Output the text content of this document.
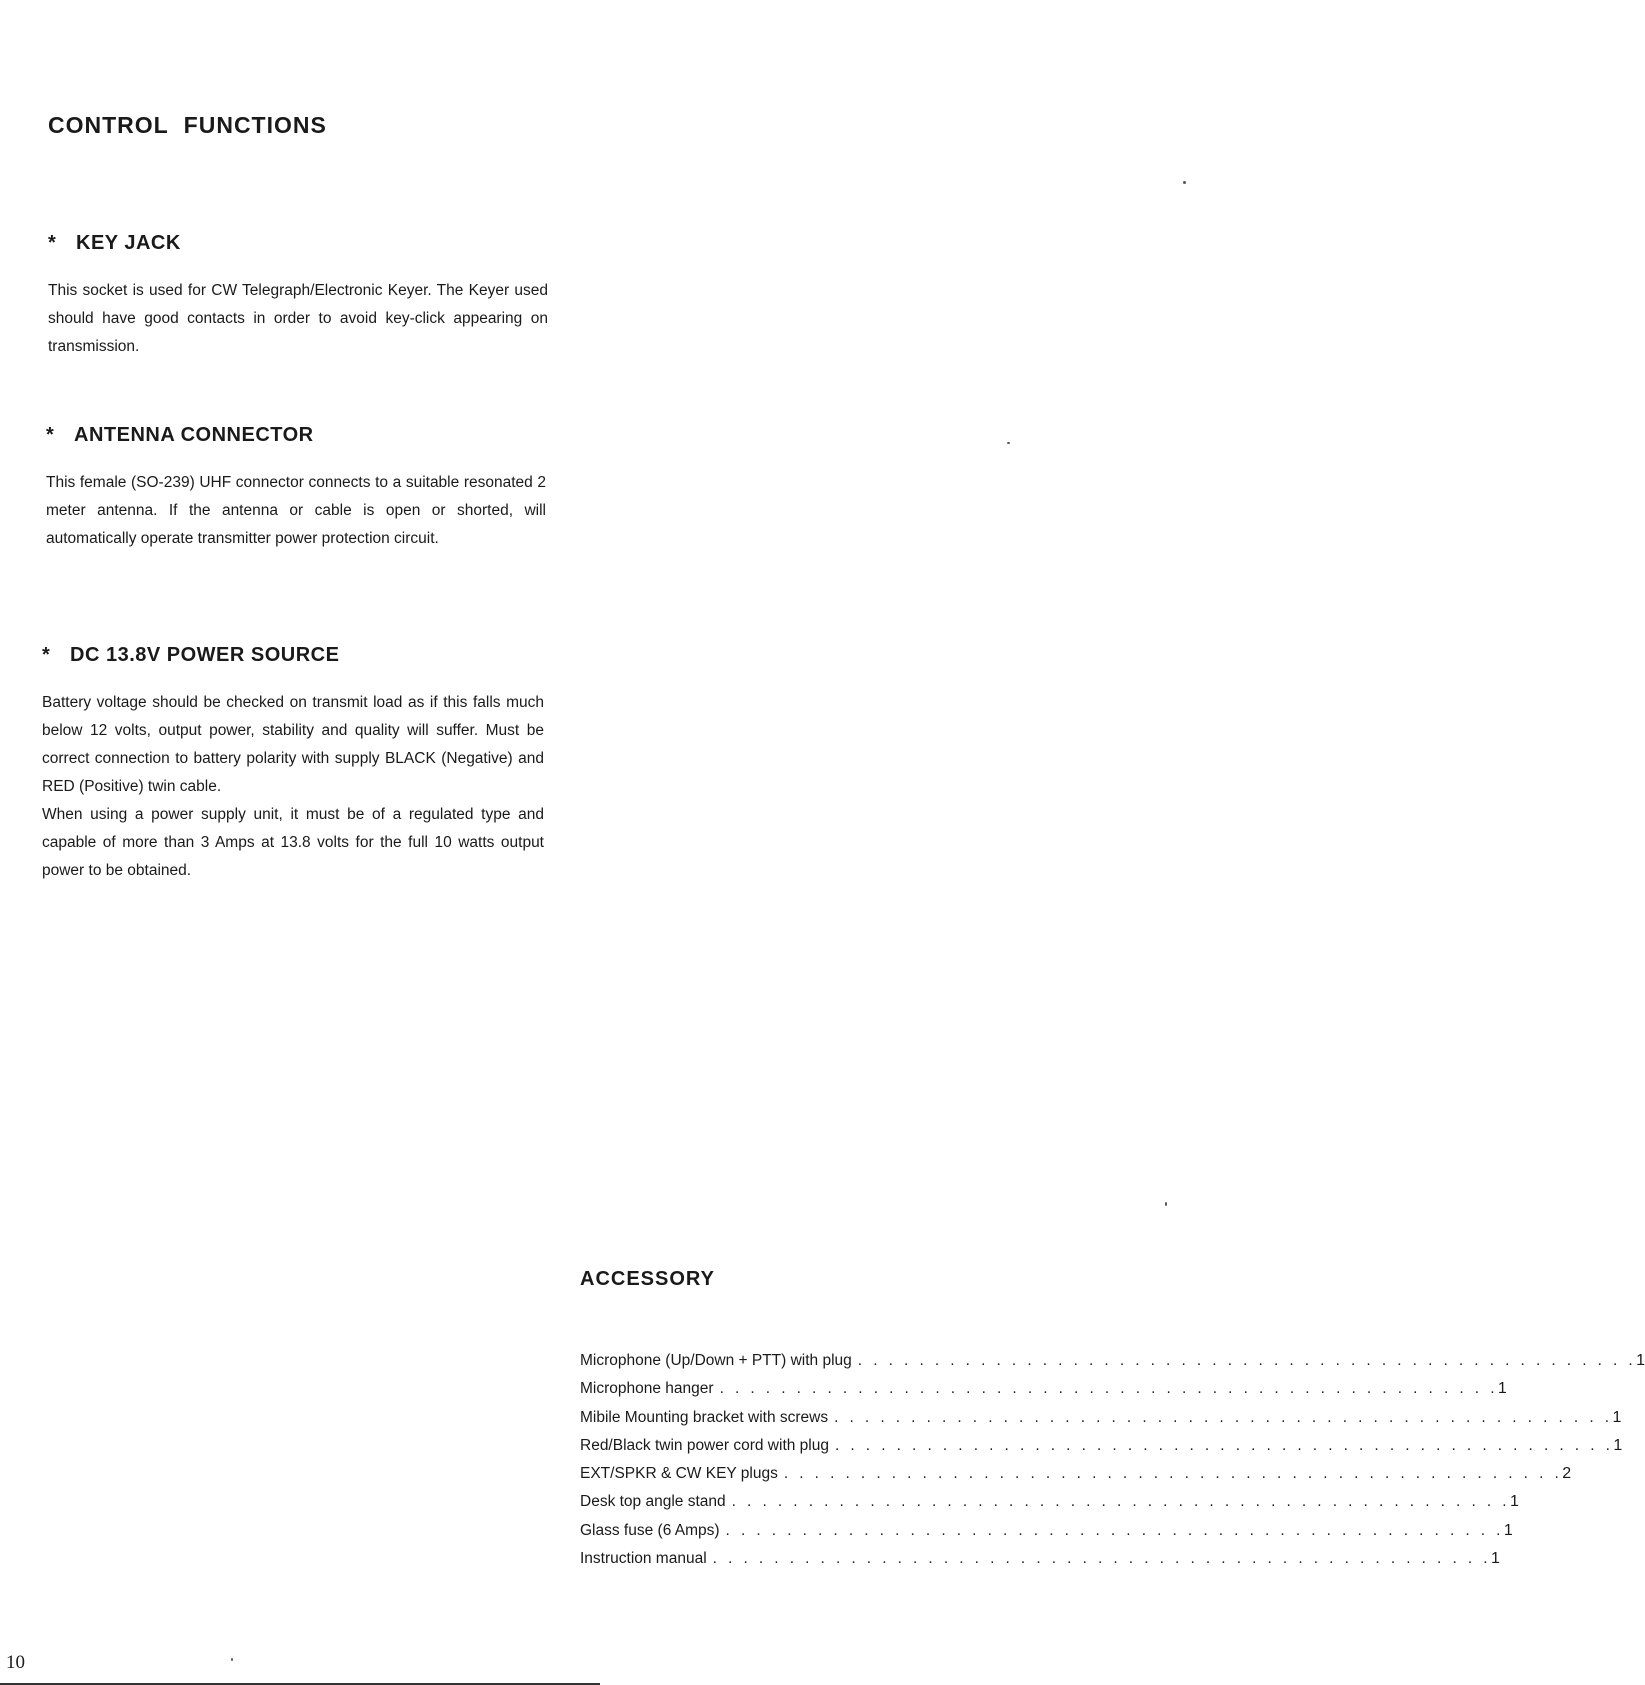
CONTROL FUNCTIONS
* KEY JACK

This socket is used for CW Telegraph/Electronic Keyer. The Keyer used should have good contacts in order to avoid key-click appearing on transmission.

* ANTENNA CONNECTOR

This female (SO-239) UHF connector connects to a suitable resonated 2 meter antenna. If the antenna or cable is open or shorted, will automatically operate transmitter power protection circuit.

* DC 13.8V POWER SOURCE

Battery voltage should be checked on transmit load as if this falls much below 12 volts, output power, stability and quality will suffer. Must be correct connection to battery polarity with supply BLACK (Negative) and RED (Positive) twin cable.

When using a power supply unit, it must be of a regulated type and capable of more than 3 Amps at 13.8 volts for the full 10 watts output power to be obtained.

ACCESSORY
Microphone (Up/Down + PTT) with plug . . . . . . . . . . . . . . . . . . . . . . . . . . . . . . . . . . . . . . . . . . . . . . . . . . . 1
Microphone hanger . . . . . . . . . . . . . . . . . . . . . . . . . . . . . . . . . . . . . . . . . . . . . . . . . . . 1
Mibile Mounting bracket with screws . . . . . . . . . . . . . . . . . . . . . . . . . . . . . . . . . . . . . . . . . . . . . . . . . . . 1
Red/Black twin power cord with plug . . . . . . . . . . . . . . . . . . . . . . . . . . . . . . . . . . . . . . . . . . . . . . . . . . . 1
EXT/SPKR & CW KEY plugs . . . . . . . . . . . . . . . . . . . . . . . . . . . . . . . . . . . . . . . . . . . . . . . . . . . 2
Desk top angle stand . . . . . . . . . . . . . . . . . . . . . . . . . . . . . . . . . . . . . . . . . . . . . . . . . . . 1
Glass fuse (6 Amps) . . . . . . . . . . . . . . . . . . . . . . . . . . . . . . . . . . . . . . . . . . . . . . . . . . . 1
Instruction manual . . . . . . . . . . . . . . . . . . . . . . . . . . . . . . . . . . . . . . . . . . . . . . . . . . . 1
10
